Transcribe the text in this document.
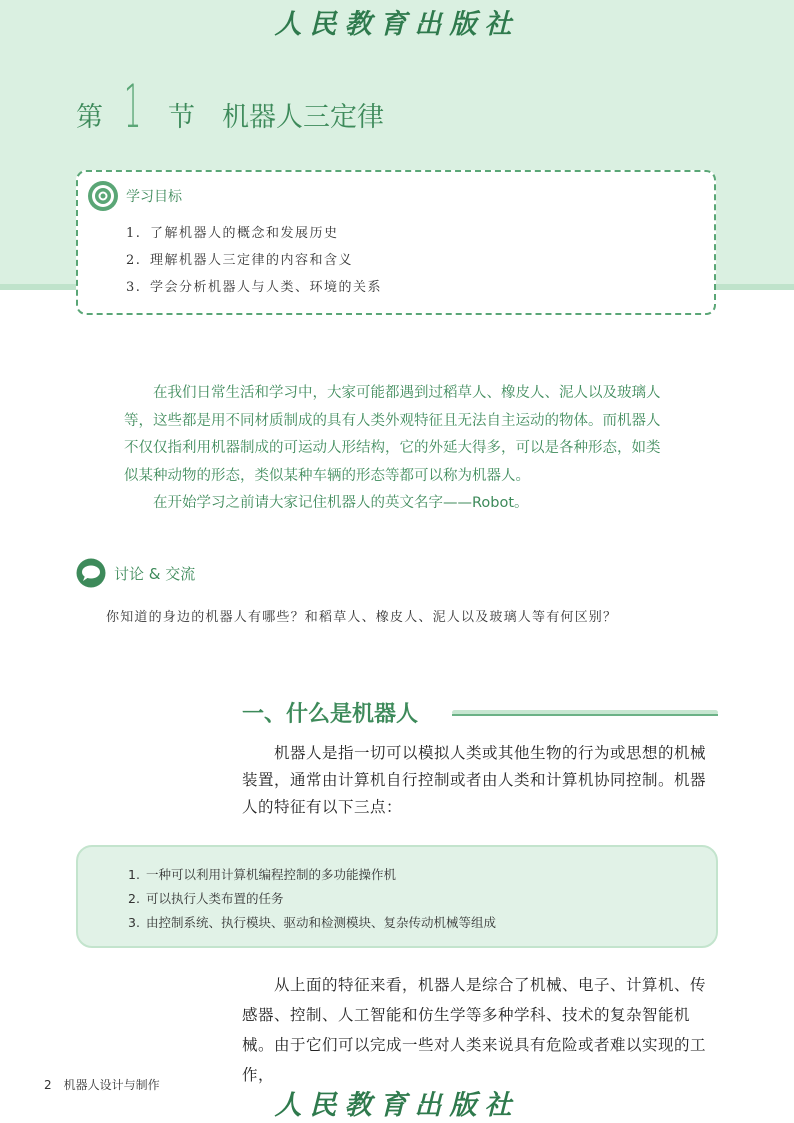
人民教育出版社
第 1 节 机器人三定律
学习目标
1. 了解机器人的概念和发展历史
2. 理解机器人三定律的内容和含义
3. 学会分析机器人与人类、环境的关系

在我们日常生活和学习中，大家可能都遇到过稻草人、橡皮人、泥人以及玻璃人等，这些都是用不同材质制成的具有人类外观特征且无法自主运动的物体。而机器人不仅仅指利用机器制成的可运动人形结构，它的外延大得多，可以是各种形态，如类似某种动物的形态，类似某种车辆的形态等都可以称为机器人。

在开始学习之前请大家记住机器人的英文名字——Robot。

讨论 & 交流
你知道的身边的机器人有哪些？和稻草人、橡皮人、泥人以及玻璃人等有何区别？
一、什么是机器人

机器人是指一切可以模拟人类或其他生物的行为或思想的机械装置，通常由计算机自行控制或者由人类和计算机协同控制。机器人的特征有以下三点：

1. 一种可以利用计算机编程控制的多功能操作机
2. 可以执行人类布置的任务
3. 由控制系统、执行模块、驱动和检测模块、复杂传动机械等组成

从上面的特征来看，机器人是综合了机械、电子、计算机、传感器、控制、人工智能和仿生学等多种学科、技术的复杂智能机械。由于它们可以完成一些对人类来说具有危险或者难以实现的工作，

2 机器人设计与制作
人民教育出版社
